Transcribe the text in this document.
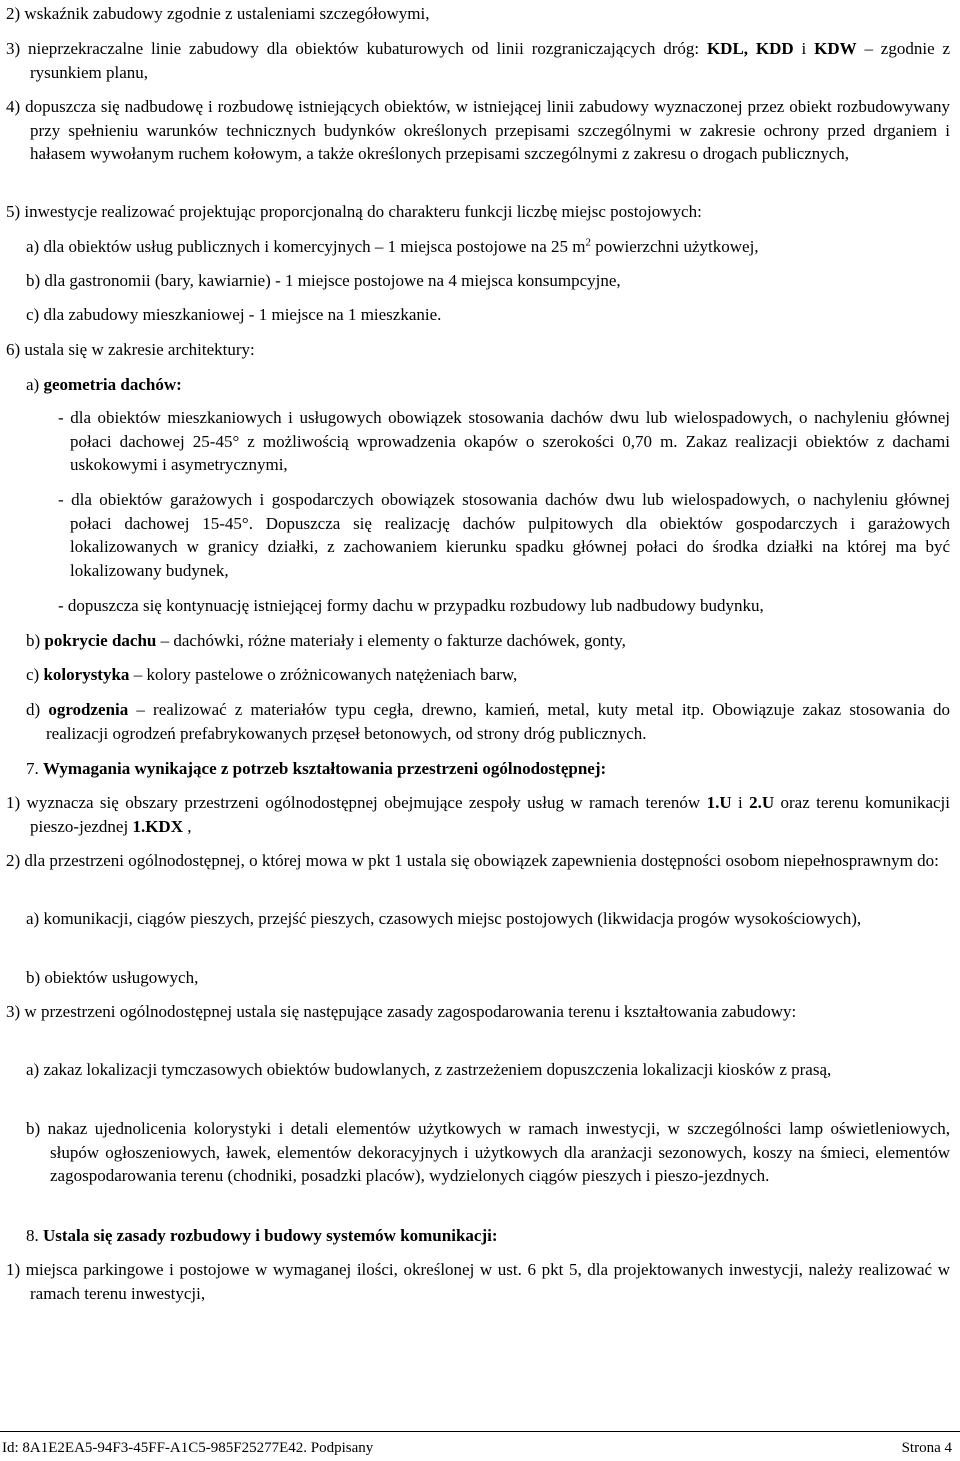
2) wskaźnik zabudowy zgodnie z ustaleniami szczegółowymi,

3) nieprzekraczalne linie zabudowy dla obiektów kubaturowych od linii rozgraniczających dróg: KDL, KDD i KDW – zgodnie z rysunkiem planu,

4) dopuszcza się nadbudowę i rozbudowę istniejących obiektów, w istniejącej linii zabudowy wyznaczonej przez obiekt rozbudowywany przy spełnieniu warunków technicznych budynków określonych przepisami szczególnymi w zakresie ochrony przed drganiem i hałasem wywołanym ruchem kołowym, a także określonych przepisami szczególnymi z zakresu o drogach publicznych,

5) inwestycje realizować projektując proporcjonalną do charakteru funkcji liczbę miejsc postojowych:

a) dla obiektów usług publicznych i komercyjnych – 1 miejsca postojowe na 25 $m^2$ powierzchni użytkowej,

b) dla gastronomii (bary, kawiarnie) - 1 miejsce postojowe na 4 miejsca konsumpcyjne,

c) dla zabudowy mieszkaniowej - 1 miejsce na 1 mieszkanie.

6) ustala się w zakresie architektury:

a) geometria dachów:

- dla obiektów mieszkaniowych i usługowych obowiązek stosowania dachów dwu lub wielospadowych, o nachyleniu głównej połaci dachowej 25-45° z możliwością wprowadzenia okapów o szerokości 0,70 m. Zakaz realizacji obiektów z dachami uskokowymi i asymetrycznymi,

- dla obiektów garażowych i gospodarczych obowiązek stosowania dachów dwu lub wielospadowych, o nachyleniu głównej połaci dachowej 15-45°. Dopuszcza się realizację dachów pulpitowych dla obiektów gospodarczych i garażowych lokalizowanych w granicy działki, z zachowaniem kierunku spadku głównej połaci do środka działki na której ma być lokalizowany budynek,

- dopuszcza się kontynuację istniejącej formy dachu w przypadku rozbudowy lub nadbudowy budynku,

b) pokrycie dachu – dachówki, różne materiały i elementy o fakturze dachówek, gonty,

c) kolorystyka – kolory pastelowe o zróżnicowanych natężeniach barw,

d) ogrodzenia – realizować z materiałów typu cegła, drewno, kamień, metal, kuty metal itp. Obowiązuje zakaz stosowania do realizacji ogrodzeń prefabrykowanych przęseł betonowych, od strony dróg publicznych.

7. Wymagania wynikające z potrzeb kształtowania przestrzeni ogólnodostępnej:

1) wyznacza się obszary przestrzeni ogólnodostępnej obejmujące zespoły usług w ramach terenów 1.U i 2.U oraz terenu komunikacji pieszo-jezdnej 1.KDX ,

2) dla przestrzeni ogólnodostępnej, o której mowa w pkt 1 ustala się obowiązek zapewnienia dostępności osobom niepełnosprawnym do:

a) komunikacji, ciągów pieszych, przejść pieszych, czasowych miejsc postojowych (likwidacja progów wysokościowych),

b) obiektów usługowych,

3) w przestrzeni ogólnodostępnej ustala się następujące zasady zagospodarowania terenu i kształtowania zabudowy:

a) zakaz lokalizacji tymczasowych obiektów budowlanych, z zastrzeżeniem dopuszczenia lokalizacji kiosków z prasą,

b) nakaz ujednolicenia kolorystyki i detali elementów użytkowych w ramach inwestycji, w szczególności lamp oświetleniowych, słupów ogłoszeniowych, ławek, elementów dekoracyjnych i użytkowych dla aranżacji sezonowych, koszy na śmieci, elementów zagospodarowania terenu (chodniki, posadzki placów), wydzielonych ciągów pieszych i pieszo-jezdnych.

8. Ustala się zasady rozbudowy i budowy systemów komunikacji:

1) miejsca parkingowe i postojowe w wymaganej ilości, określonej w ust. 6 pkt 5, dla projektowanych inwestycji, należy realizować w ramach terenu inwestycji,

Id: 8A1E2EA5-94F3-45FF-A1C5-985F25277E42. Podpisany	Strona 4
